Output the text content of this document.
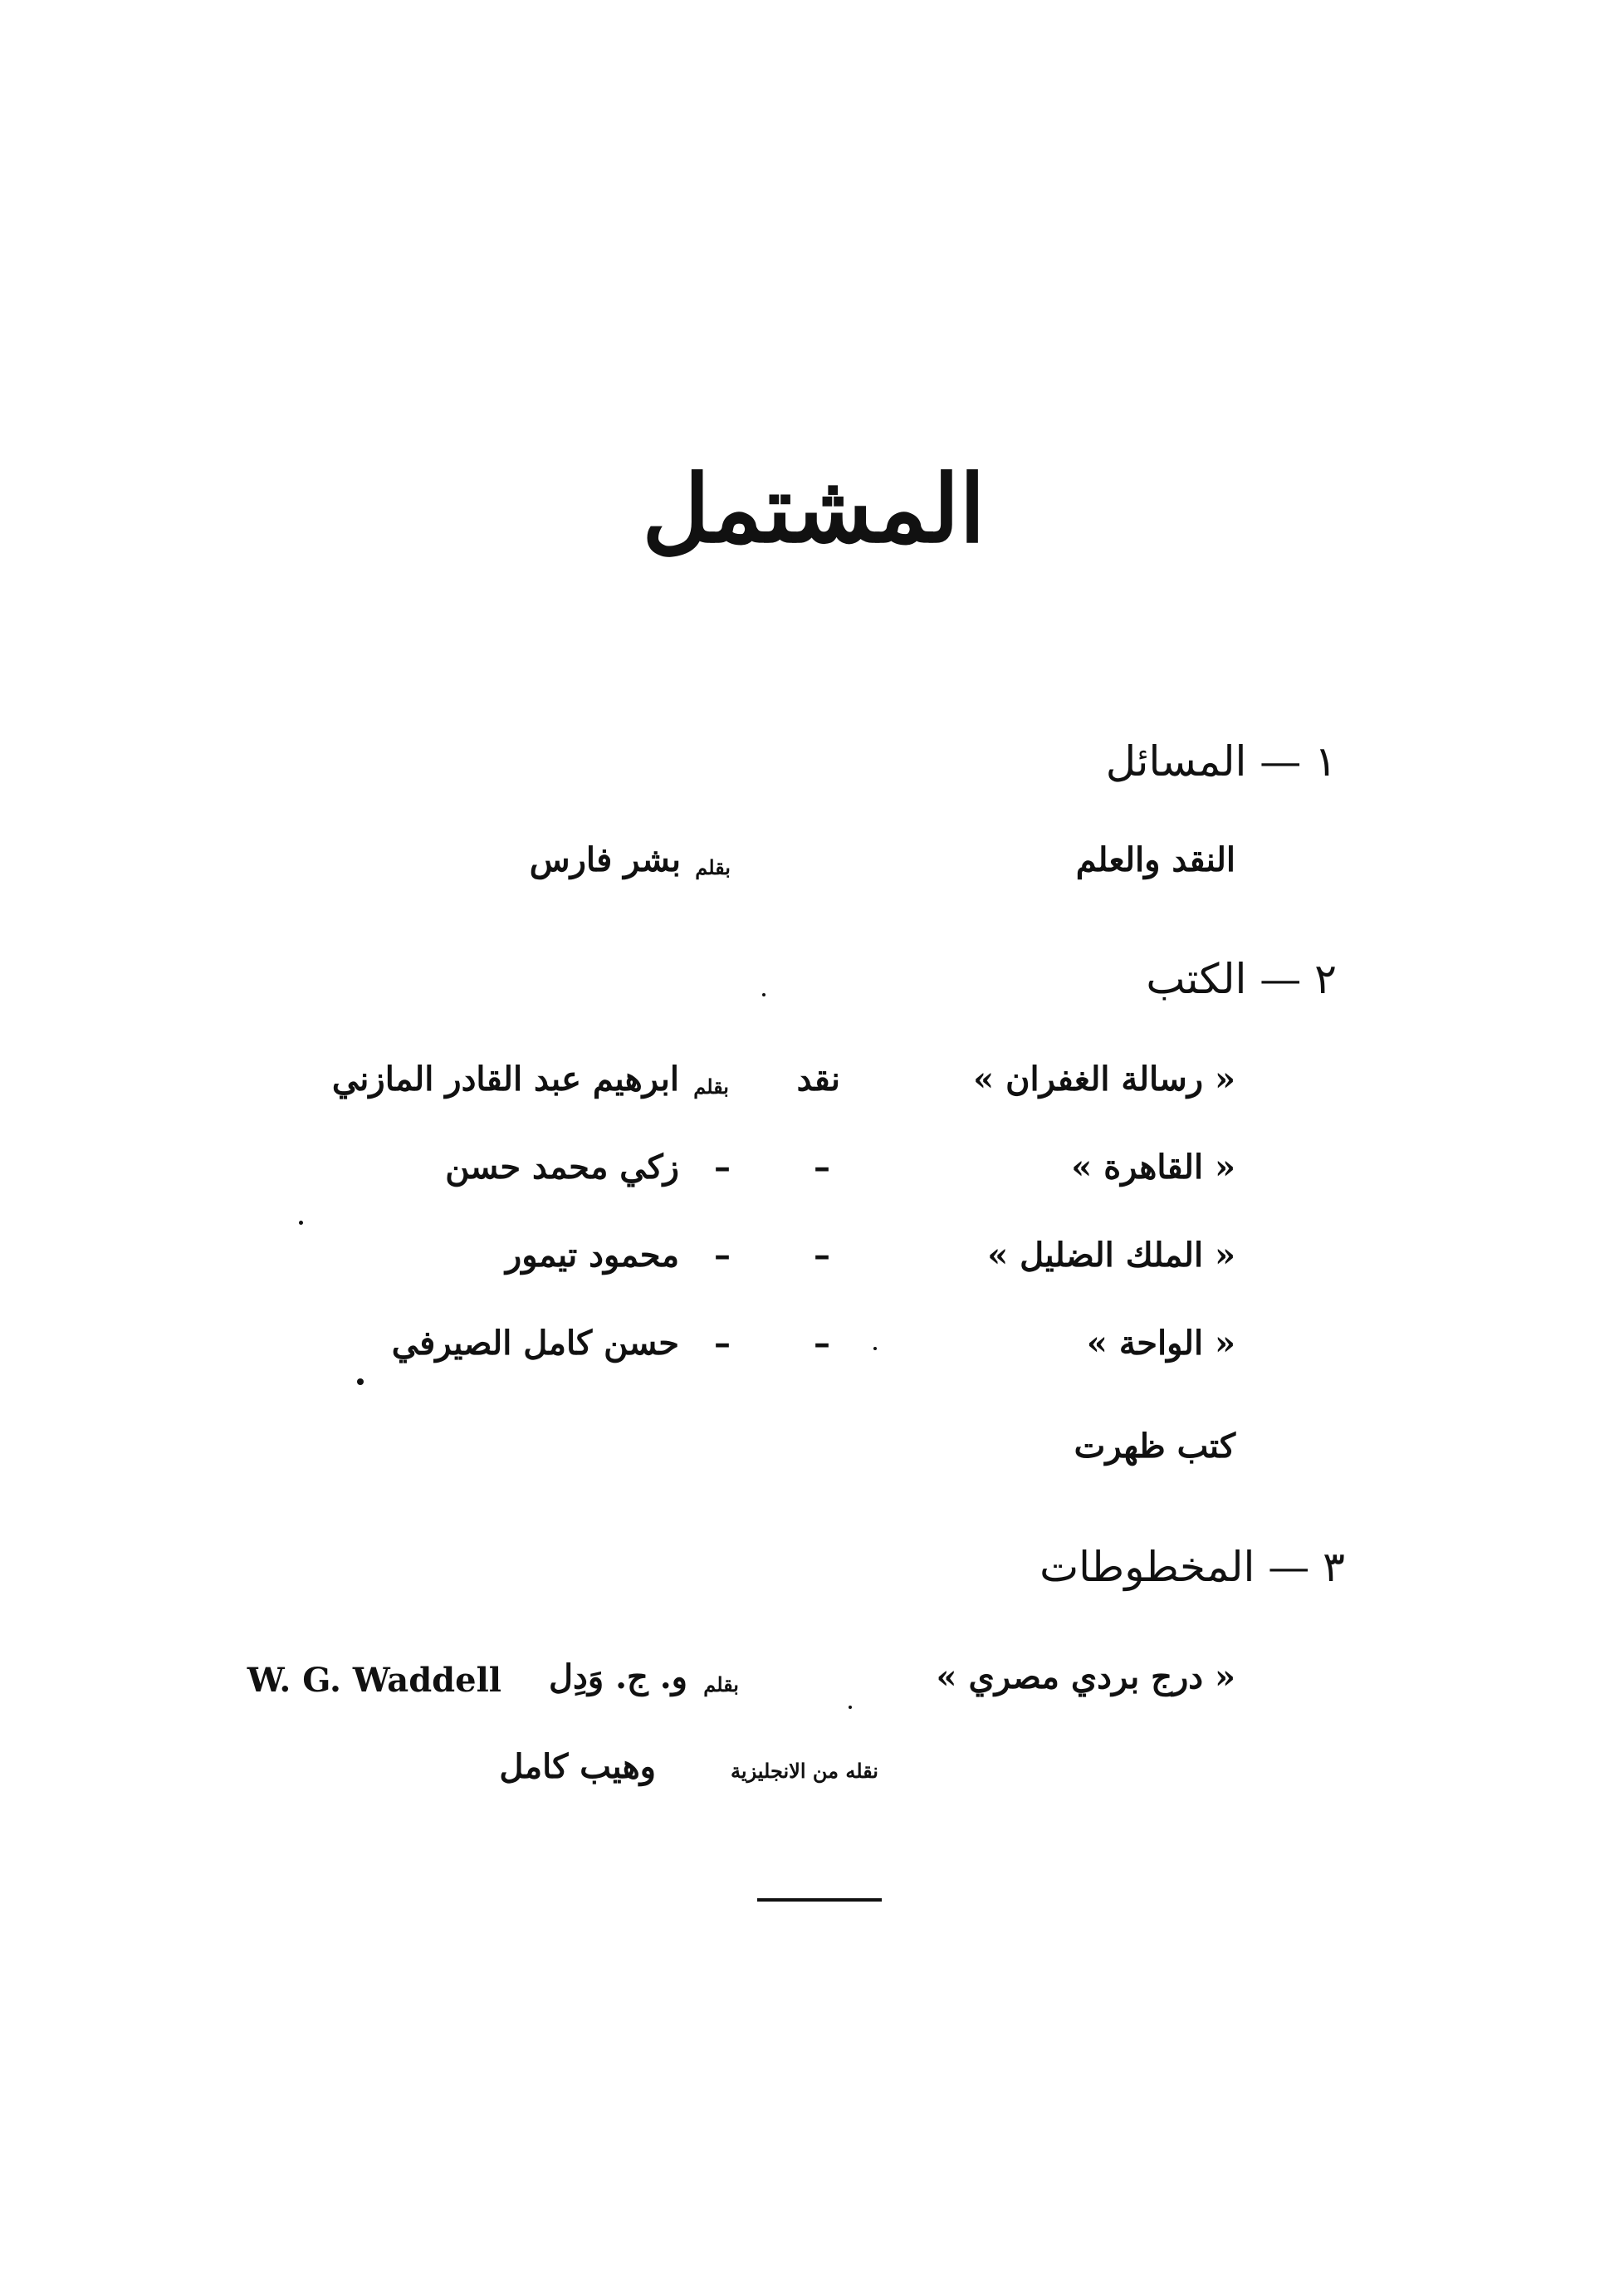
المشتمل
١ — المسائل
النقد والعلم
بقلم
بشر فارس
٢ — الكتب
« رسالة الغفران »
نقد
بقلم
ابرهيم عبد القادر المازني
« القاهرة »
–
–
زكي محمد حسن
« الملك الضليل »
–
–
محمود تيمور
« الواحة »
–
–
حسن كامل الصيرفي
كتب ظهرت
٣ — المخطوطات
« درج بردي مصري »
بقلم
و. ج. وَدِل
W. G. Waddell
نقله من الانجليزية
وهيب كامل
